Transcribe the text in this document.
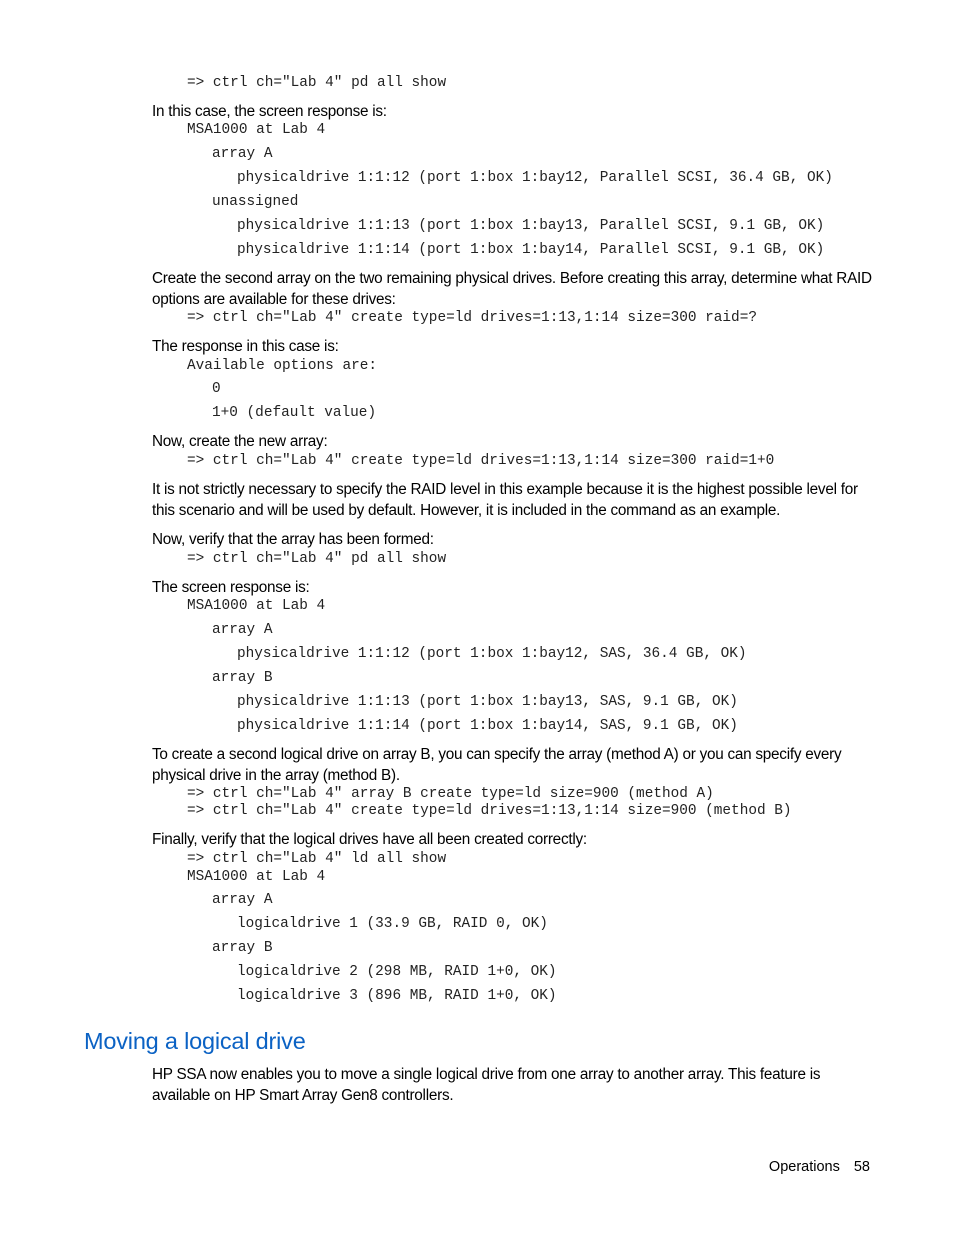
=> ctrl ch="Lab 4" pd all show
In this case, the screen response is:
MSA1000 at Lab 4
array A
physicaldrive 1:1:12 (port 1:box 1:bay12, Parallel SCSI, 36.4 GB, OK)
unassigned
physicaldrive 1:1:13 (port 1:box 1:bay13, Parallel SCSI, 9.1 GB, OK)
physicaldrive 1:1:14 (port 1:box 1:bay14, Parallel SCSI, 9.1 GB, OK)
Create the second array on the two remaining physical drives. Before creating this array, determine what RAID options are available for these drives:
=> ctrl ch="Lab 4" create type=ld drives=1:13,1:14 size=300 raid=?
The response in this case is:
Available options are:
0
1+0 (default value)
Now, create the new array:
=> ctrl ch="Lab 4" create type=ld drives=1:13,1:14 size=300 raid=1+0
It is not strictly necessary to specify the RAID level in this example because it is the highest possible level for this scenario and will be used by default. However, it is included in the command as an example.
Now, verify that the array has been formed:
=> ctrl ch="Lab 4" pd all show
The screen response is:
MSA1000 at Lab 4
array A
physicaldrive 1:1:12 (port 1:box 1:bay12, SAS, 36.4 GB, OK)
array B
physicaldrive 1:1:13 (port 1:box 1:bay13, SAS, 9.1 GB, OK)
physicaldrive 1:1:14 (port 1:box 1:bay14, SAS, 9.1 GB, OK)
To create a second logical drive on array B, you can specify the array (method A) or you can specify every physical drive in the array (method B).
=> ctrl ch="Lab 4" array B create type=ld size=900 (method A)
=> ctrl ch="Lab 4" create type=ld drives=1:13,1:14 size=900 (method B)
Finally, verify that the logical drives have all been created correctly:
=> ctrl ch="Lab 4" ld all show
MSA1000 at Lab 4
array A
logicaldrive 1 (33.9 GB, RAID 0, OK)
array B
logicaldrive 2 (298 MB, RAID 1+0, OK)
logicaldrive 3 (896 MB, RAID 1+0, OK)
Moving a logical drive
HP SSA now enables you to move a single logical drive from one array to another array. This feature is available on HP Smart Array Gen8 controllers.
Operations 58
